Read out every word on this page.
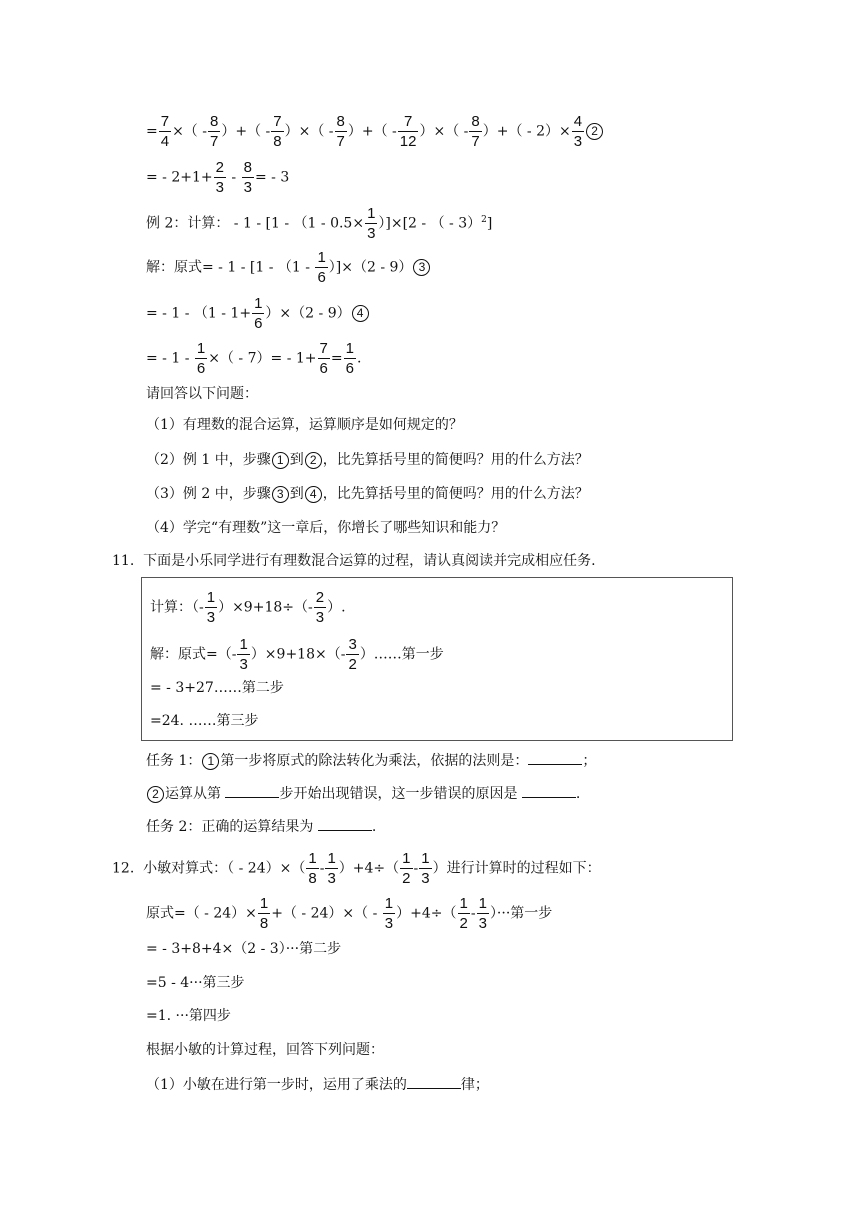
= $\frac{7}{4}$ ×（ - $\frac{8}{7}$ ）+（ - $\frac{7}{8}$ ）×（ - $\frac{8}{7}$ ）+（ - $\frac{7}{12}$ ）×（ - $\frac{8}{7}$ ）+（ - $2)\times \frac{4}{3} 2$
= - $2+1+ \frac{2}{3} - \frac{8}{3}$ = - 3
例 2：计算： - $1 - [1 - (1 - 0.5\times \frac{1}{3} )]\times[2$ - （ - 3）$^2$]
解：原式= - $1 - [1 - (1 - \frac{1}{6} )]\times(2 - 9)$ 3
= - $1 - (1 - 1+ \frac{1}{6} )\times(2 - 9)$ 4
= - $1 - \frac{1}{6}$ ×（ - $7)= - 1+ \frac{7}{6} = \frac{1}{6}$ .
请回答以下问题：
（1）有理数的混合运算，运算顺序是如何规定的？
（2）例 1 中，步骤 1 到 2 ，比先算括号里的简便吗？用的什么方法？
（3）例 2 中，步骤 3 到 4 ，比先算括号里的简便吗？用的什么方法？
（4）学完“有理数”这一章后，你增长了哪些知识和能力？
11. 下面是小乐同学进行有理数混合运算的过程，请认真阅读并完成相应任务.
计算：（- $\frac{1}{3} )\times 9+18\div(- \frac{2}{3}$ ）.
解：原式=（- $\frac{1}{3} )\times 9+18\times(- \frac{3}{2}$ ）……第一步
= - 3+27……第二步
=24. ……第三步
任务 1： 1 第一步将原式的除法转化为乘法，依据的法则是：	；
2 运算从第	步开始出现错误，这一步错误的原因是	.
任务 2：正确的运算结果为	.
12. 小敏对算式：（ - $24)\times( \frac{1}{8} - \frac{1}{3} )+4\div( \frac{1}{2} - \frac{1}{3}$ ）进行计算时的过程如下：
原式=（ - $24)\times \frac{1}{8}$ +（ - $24)\times( - \frac{1}{3} )+4\div( \frac{1}{2} - \frac{1}{3}$ ）···第一步
= - 3+8+4×（2 - 3）···第二步
=5 - 4···第三步
=1. ···第四步
根据小敏的计算过程，回答下列问题：
（1）小敏在进行第一步时，运用了乘法的	律；
